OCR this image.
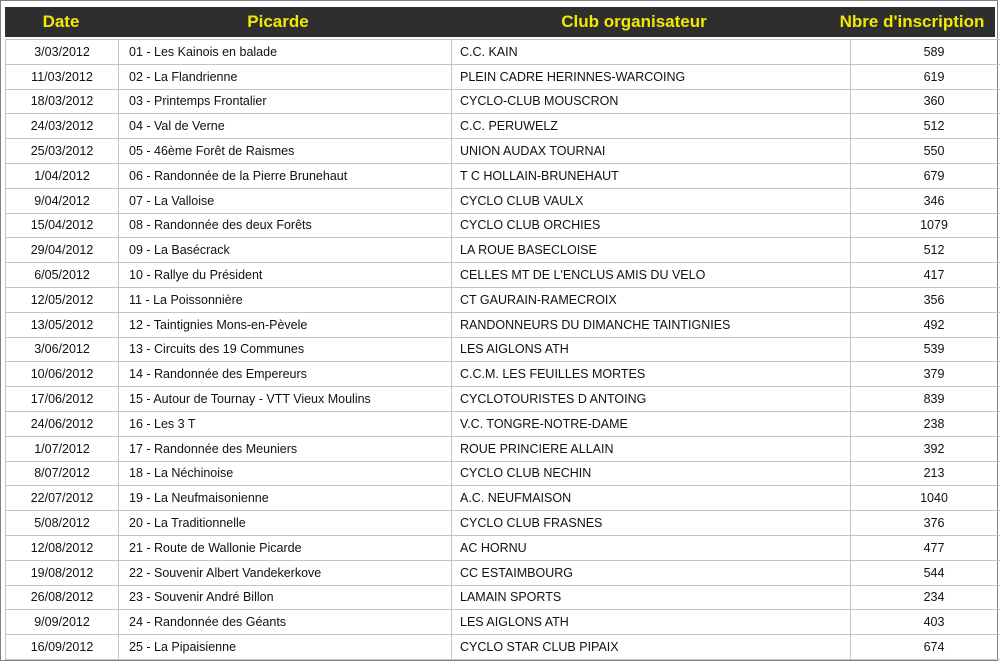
Date	Picarde	Club organisateur	Nbre d'inscription
3/03/2012	01 - Les Kainois en balade	C.C. KAIN	589
11/03/2012	02 - La Flandrienne	PLEIN CADRE HERINNES-WARCOING	619
18/03/2012	03 - Printemps Frontalier	CYCLO-CLUB MOUSCRON	360
24/03/2012	04 - Val de Verne	C.C. PERUWELZ	512
25/03/2012	05 - 46ème Forêt de Raismes	UNION AUDAX TOURNAI	550
1/04/2012	06 - Randonnée de la Pierre Brunehaut	T C HOLLAIN-BRUNEHAUT	679
9/04/2012	07 - La Valloise	CYCLO CLUB VAULX	346
15/04/2012	08 - Randonnée des deux Forêts	CYCLO CLUB ORCHIES	1079
29/04/2012	09 - La Basécrack	LA ROUE BASECLOISE	512
6/05/2012	10 - Rallye du Président	CELLES MT DE L'ENCLUS AMIS DU VELO	417
12/05/2012	11 - La Poissonnière	CT GAURAIN-RAMECROIX	356
13/05/2012	12 - Taintignies Mons-en-Pèvele	RANDONNEURS DU DIMANCHE TAINTIGNIES	492
3/06/2012	13 - Circuits des 19 Communes	LES AIGLONS ATH	539
10/06/2012	14 - Randonnée des Empereurs	C.C.M. LES FEUILLES MORTES	379
17/06/2012	15 - Autour de Tournay - VTT Vieux Moulins	CYCLOTOURISTES D ANTOING	839
24/06/2012	16 - Les 3 T	V.C. TONGRE-NOTRE-DAME	238
1/07/2012	17 - Randonnée des Meuniers	ROUE PRINCIERE ALLAIN	392
8/07/2012	18 - La Néchinoise	CYCLO CLUB NECHIN	213
22/07/2012	19 - La Neufmaisonienne	A.C. NEUFMAISON	1040
5/08/2012	20 - La Traditionnelle	CYCLO CLUB FRASNES	376
12/08/2012	21 - Route de Wallonie Picarde	AC HORNU	477
19/08/2012	22 - Souvenir Albert Vandekerkove	CC ESTAIMBOURG	544
26/08/2012	23 - Souvenir André Billon	LAMAIN SPORTS	234
9/09/2012	24 - Randonnée des Géants	LES AIGLONS ATH	403
16/09/2012	25 - La Pipaisienne	CYCLO STAR CLUB PIPAIX	674
